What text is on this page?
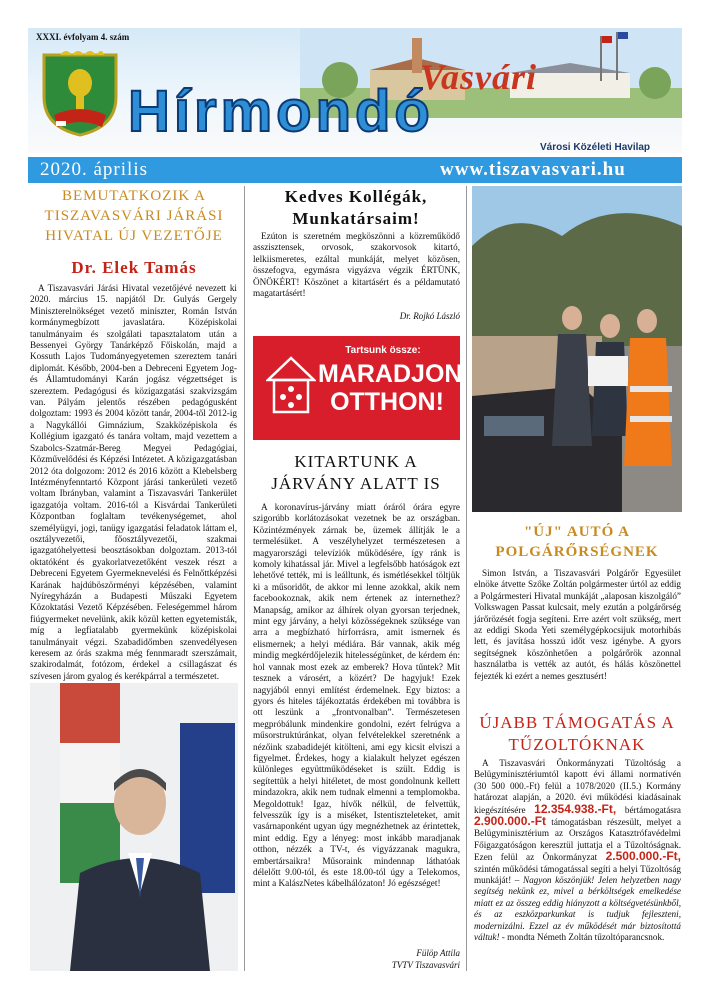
XXXI. évfolyam 4. szám
Vasvári
Hírmondó
Városi Közéleti Havilap
2020. április	www.tiszavasvari.hu
BEMUTATKOZIK A TISZAVASVÁRI JÁRÁSI HIVATAL ÚJ VEZETŐJE
Dr. Elek Tamás

A Tiszavasvári Járási Hivatal vezetőjévé nevezett ki 2020. március 15. napjától Dr. Gulyás Gergely Miniszterelnökséget vezető miniszter, Román István kormánymegbízott javaslatára. Középiskolai tanulmányaim és szolgálati tapasztalatom után a Bessenyei György Tanárképző Főiskolán, majd a Kossuth Lajos Tudományegyetemen szereztem tanári diplomát. Később, 2004-ben a Debreceni Egyetem Jog- és Államtudományi Karán jogász végzettséget is szereztem. Pedagógusi és közigazgatási szakvizsgám van. Pályám jelentős részében pedagógusként dolgoztam: 1993 és 2004 között tanár, 2004-től 2012-ig a Nagykállói Gimnázium, Szakközépiskola és Kollégium igazgató és tanára voltam, majd vezettem a Szabolcs-Szatmár-Bereg Megyei Pedagógiai, Közművelődési és Képzési Intézetet. A közigazgatásban 2012 óta dolgozom: 2012 és 2016 között a Klebelsberg Intézményfenntartó Központ járási tankerületi vezető voltam Ibrányban, valamint a Tiszavasvári Tankerület igazgatója voltam. 2016-tól a Kisvárdai Tankerületi Központban foglaltam tevékenységemet, ahol személyügyi, jogi, tanügy igazgatási feladatok láttam el, osztályvezetői, főosztályvezetői, szakmai igazgatóhelyettesi beosztásokban dolgoztam. 2013-tól oktatóként és gyakorlatvezetőként veszek részt a Debreceni Egyetem Gyermeknevelési és Felnőttképzési Karának hajdúböszörményi képzésében, valamint Nyíregyházán a Budapesti Műszaki Egyetem Közoktatási Vezető Képzésében. Feleségemmel három fiúgyermeket nevelünk, akik közül ketten egyetemisták, míg a legfiatalabb gyermekünk középiskolai tanulmányait végzi. Szabadidőmben szenvedélyesen keresem az órás szakma még fennmaradt szerszámait, szakirodalmát, fotózom, érdekel a csillagászat és szívesen járom gyalog és kerékpárral a természetet.

Kedves Kollégák, Munkatársaim!

Ezúton is szeretném megköszönni a közreműködő asszisztensek, orvosok, szakorvosok kitartó, lelkiismeretes, ezáltal munkáját, melyet közösen, összefogva, egymásra vigyázva végzik ÉRTÜNK, ÖNÖKÉRT! Köszönet a kitartásért és a példamutató magatartásért!

Dr. Rojkó László
Tartsunk össze:
MARADJON
OTTHON!
KITARTUNK A JÁRVÁNY ALATT IS

A koronavírus-járvány miatt óráról órára egyre szigorúbb korlátozásokat vezetnek be az országban. Közintézmények zárnak be, üzemek állítják le a termelésüket. A veszélyhelyzet természetesen a magyarországi televíziók működésére, így ránk is komoly kihatással jár. Mivel a legfelsőbb hatóságok ezt lehetővé tették, mi is leálltunk, és ismétlésekkel töltjük ki a műsoridőt, de akkor mi lenne azokkal, akik nem facebookoznak, akik nem értenek az internethez? Manapság, amikor az álhírek olyan gyorsan terjednek, mint egy járvány, a helyi közösségeknek szüksége van arra a megbízható hírforrásra, amit ismernek és elismernek; a helyi médiára. Bár vannak, akik még mindig megkérdőjelezik hitelességünket, de kérdem én: hol vannak most ezek az emberek? Hova tűntek? Mit tesznek a városért, a közért? De hagyjuk! Ezek nagyjából ennyi említést érdemelnek. Egy biztos: a gyors és hiteles tájékoztatás érdekében mi továbbra is ott leszünk a „frontvonalban”. Természetesen megpróbálunk mindenkire gondolni, ezért felrúgva a műsorstruktúránkat, olyan felvételekkel szeretnénk a nézőink szabadidejét kitölteni, ami egy kicsit elviszi a figyelmet. Érdekes, hogy a kialakult helyzet egészen különleges együttműködéseket is szült. Eddig is segítettük a helyi hitéletet, de most gondolnunk kellett mindazokra, akik nem tudnak elmenni a templomokba. Megoldottuk! Igaz, hívők nélkül, de felvettük, felvesszük így is a miséket, Istentiszteleteket, amit vasárnaponként ugyan úgy megnézhetnek az érintettek, mint eddig. Egy a lényeg: most inkább maradjanak otthon, nézzék a TV-t, és vigyázzanak magukra, embertársaikra! Műsoraink mindennap láthatóak délelőtt 9.00-tól, és este 18.00-tól úgy a Telekomos, mint a KalászNetes kábelhálózaton! Jó egészséget!

Fülöp Attila
TVTV Tiszavasvári
"ÚJ" AUTÓ A POLGÁRŐRSÉGNEK

Simon István, a Tiszavasvári Polgárőr Egyesület elnöke átvette Szőke Zoltán polgármester úrtól az eddig a Polgármesteri Hivatal munkáját „alaposan kiszolgáló” Volkswagen Passat kulcsait, mely ezután a polgárőrség járőrözését fogja segíteni. Erre azért volt szükség, mert az eddigi Skoda Yeti személygépkocsijuk motorhibás lett, és javítása hosszú időt vesz igénybe. A gyors segítségnek köszönhetően a polgárőrök azonnal használatba is vették az autót, és hálás köszönettel fejezték ki ezért a nemes gesztusért!

ÚJABB TÁMOGATÁS A TŰZOLTÓKNAK

A Tiszavasvári Önkormányzati Tűzoltóság a Belügyminisztériumtól kapott évi állami normatívén (30 500 000.-Ft) felül a 1078/2020 (II.5.) Kormány határozat alapján, a 2020. évi működési kiadásainak kiegészítésére 12.354.938.-Ft, bértámogatásra 2.900.000.-Ft támogatásban részesült, melyet a Belügyminisztérium az Országos Katasztrófavédelmi Főigazgatóságon keresztül juttatja el a Tűzoltóságnak. Ezen felül az Önkormányzat 2.500.000.-Ft, szintén működési támogatással segíti a helyi Tűzoltóság munkáját! – Nagyon köszönjük! Jelen helyzetben nagy segítség nekünk ez, mivel a bérköltségek emelkedése miatt ez az összeg eddig hiányzott a költségvetésünkből, és az eszközparkunkat is tudjuk fejleszteni, modernizálni. Ezzel az év működését már biztosítottá váltuk! - mondta Németh Zoltán tűzoltóparancsnok.
